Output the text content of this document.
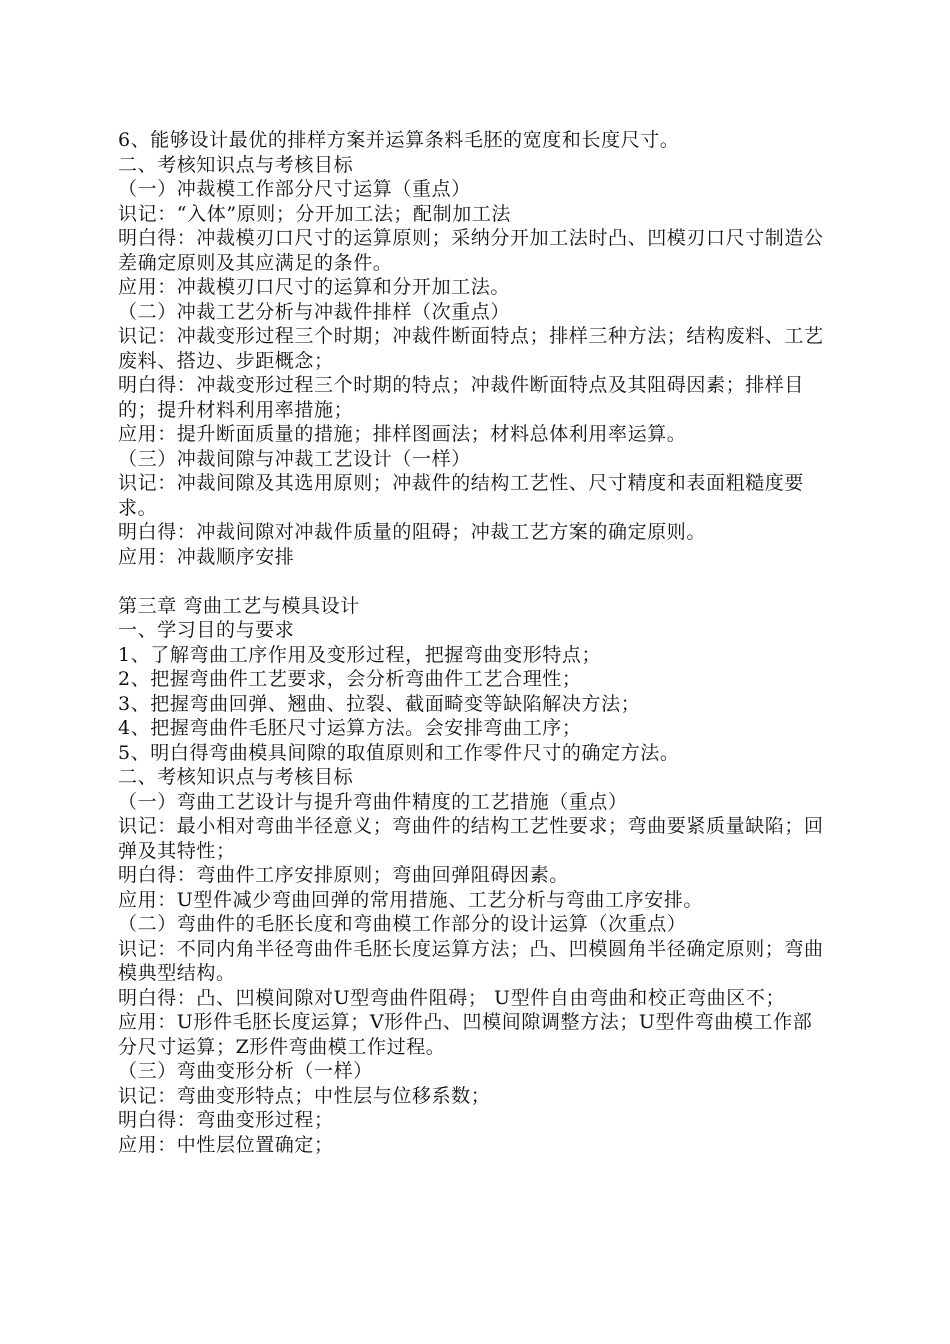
6、能够设计最优的排样方案并运算条料毛胚的宽度和长度尺寸。

二、考核知识点与考核目标

（一）冲裁模工作部分尺寸运算（重点）

识记：“入体”原则；分开加工法；配制加工法

明白得：冲裁模刃口尺寸的运算原则；采纳分开加工法时凸、凹模刃口尺寸制造公差确定原则及其应满足的条件。

应用：冲裁模刃口尺寸的运算和分开加工法。

（二）冲裁工艺分析与冲裁件排样（次重点）

识记：冲裁变形过程三个时期；冲裁件断面特点；排样三种方法；结构废料、工艺废料、搭边、步距概念；

明白得：冲裁变形过程三个时期的特点；冲裁件断面特点及其阻碍因素；排样目的；提升材料利用率措施；

应用：提升断面质量的措施；排样图画法；材料总体利用率运算。

（三）冲裁间隙与冲裁工艺设计（一样）

识记：冲裁间隙及其选用原则；冲裁件的结构工艺性、尺寸精度和表面粗糙度要求。

明白得：冲裁间隙对冲裁件质量的阻碍；冲裁工艺方案的确定原则。

应用：冲裁顺序安排

第三章 弯曲工艺与模具设计

一、学习目的与要求

1、了解弯曲工序作用及变形过程，把握弯曲变形特点；

2、把握弯曲件工艺要求，会分析弯曲件工艺合理性；

3、把握弯曲回弹、翘曲、拉裂、截面畸变等缺陷解决方法；

4、把握弯曲件毛胚尺寸运算方法。会安排弯曲工序；

5、明白得弯曲模具间隙的取值原则和工作零件尺寸的确定方法。

二、考核知识点与考核目标

（一）弯曲工艺设计与提升弯曲件精度的工艺措施（重点）

识记：最小相对弯曲半径意义；弯曲件的结构工艺性要求；弯曲要紧质量缺陷；回弹及其特性；

明白得：弯曲件工序安排原则；弯曲回弹阻碍因素。

应用：U型件减少弯曲回弹的常用措施、工艺分析与弯曲工序安排。

（二）弯曲件的毛胚长度和弯曲模工作部分的设计运算（次重点）

识记：不同内角半径弯曲件毛胚长度运算方法；凸、凹模圆角半径确定原则；弯曲模典型结构。

明白得：凸、凹模间隙对U型弯曲件阻碍； U型件自由弯曲和校正弯曲区不；

应用：U形件毛胚长度运算；V形件凸、凹模间隙调整方法；U型件弯曲模工作部分尺寸运算；Z形件弯曲模工作过程。

（三）弯曲变形分析（一样）

识记：弯曲变形特点；中性层与位移系数；

明白得：弯曲变形过程；

应用：中性层位置确定；
